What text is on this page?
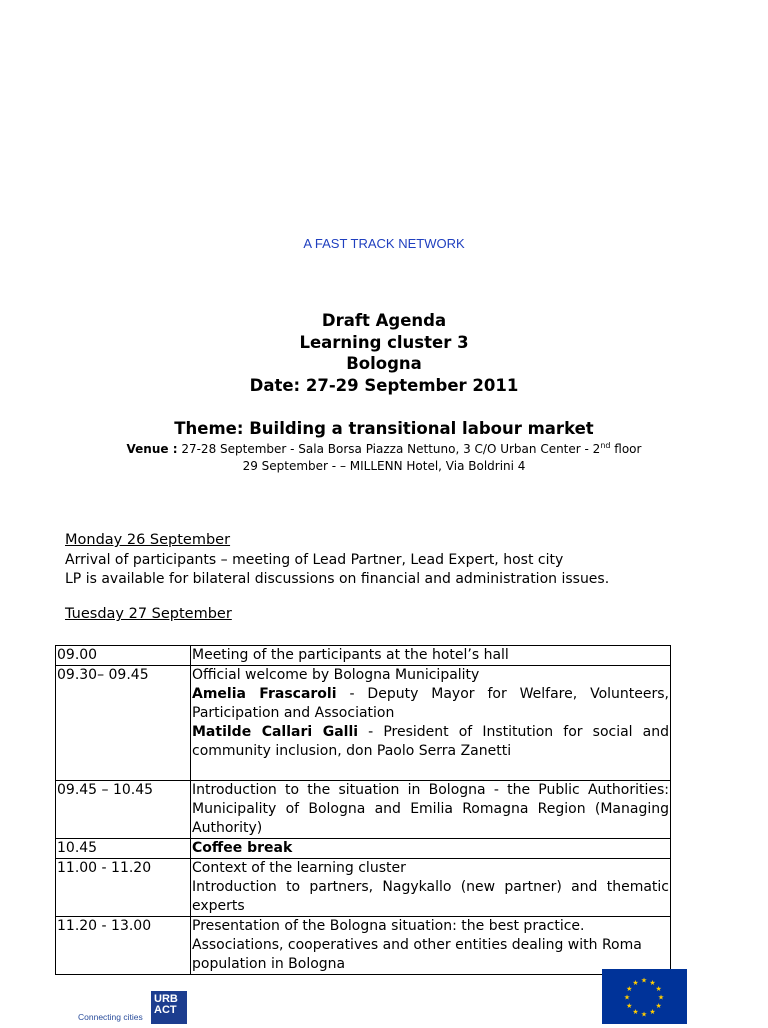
A FAST TRACK NETWORK
Draft Agenda
Learning cluster 3
Bologna
Date: 27-29 September 2011
Theme: Building a transitional labour market
Venue : 27-28 September - Sala Borsa Piazza Nettuno, 3 C/O Urban Center - 2nd floor
29 September - – MILLENN Hotel, Via Boldrini 4
Monday 26 September
Arrival of participants – meeting of Lead Partner, Lead Expert, host city
LP is available for bilateral discussions on financial and administration issues.
Tuesday 27 September
09.00	Meeting of the participants at the hotel’s hall
09.30– 09.45	Official welcome by Bologna Municipality
Amelia Frascaroli - Deputy Mayor for Welfare, Volunteers, Participation and Association
Matilde Callari Galli - President of Institution for social and community inclusion, don Paolo Serra Zanetti

09.45 – 10.45	Introduction to the situation in Bologna - the Public Authorities: Municipality of Bologna and Emilia Romagna Region (Managing Authority)
10.45	Coffee break
11.00 - 11.20	Context of the learning cluster
Introduction to partners, Nagykallo (new partner) and thematic experts

11.20 - 13.00	Presentation of the Bologna situation: the best practice.
Associations, cooperatives and other entities dealing with Roma population in Bologna
Connecting cities
URB ACT
★ ★
★
★
★
★
★
★
★
★
★
★
